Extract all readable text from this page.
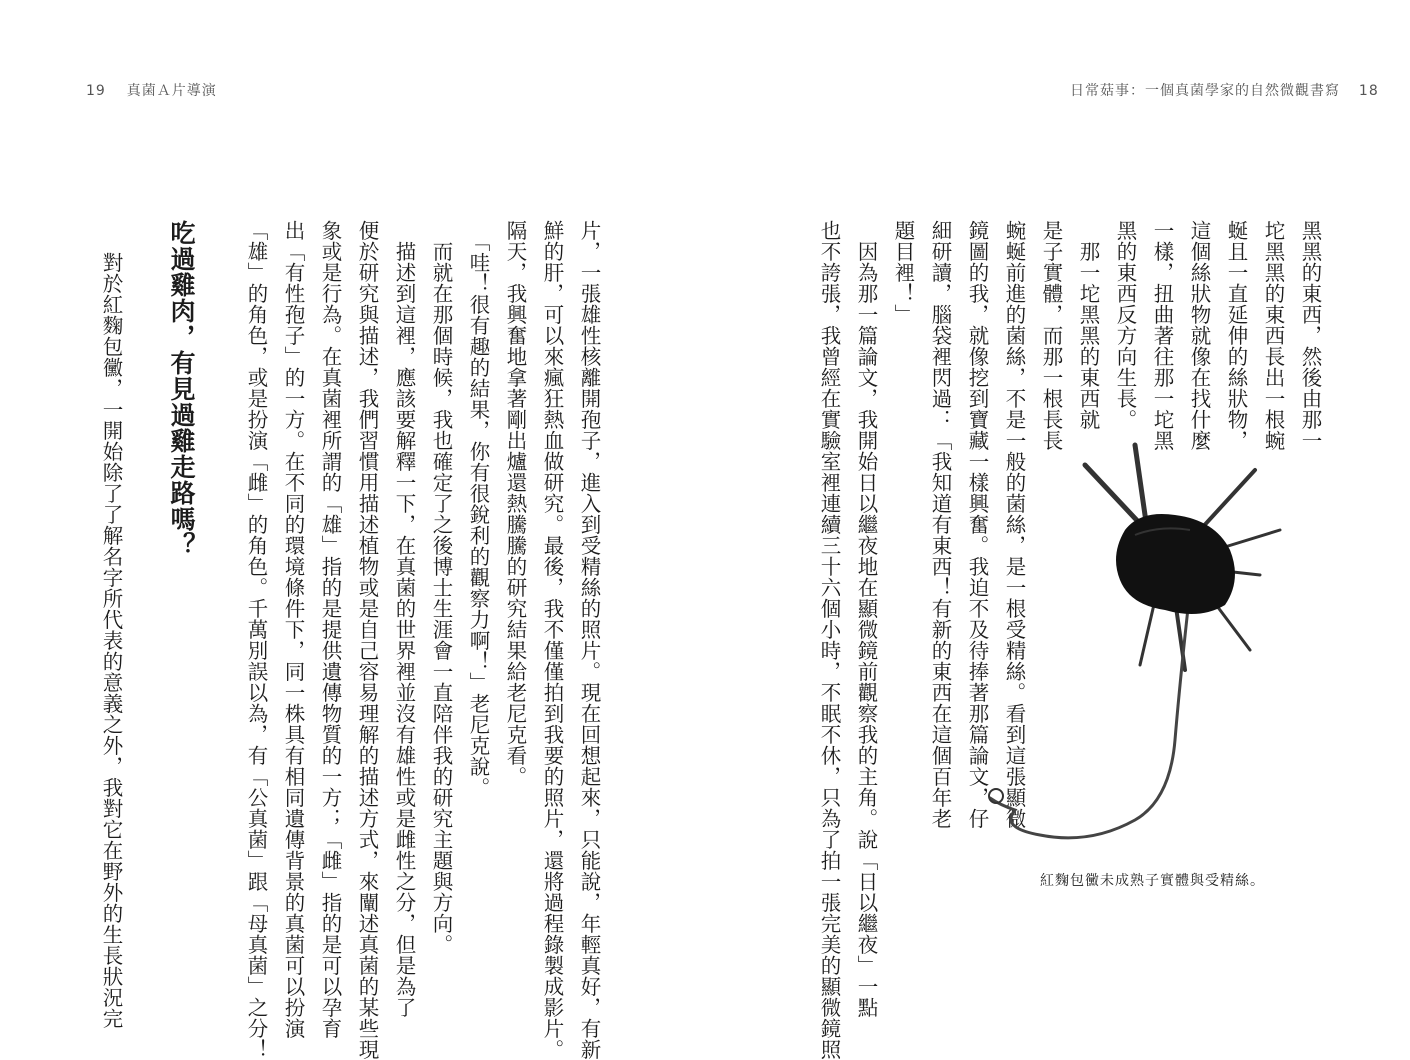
19 真菌Ａ片導演	日常菇事：一個真菌學家的自然微觀書寫 18
黑黑的東西，然後由那一
坨黑黑的東西長出一根蜿
蜒且一直延伸的絲狀物，
這個絲狀物就像在找什麼
一樣，扭曲著往那一坨黑
黑的東西反方向生長。
　那一坨黑黑的東西就
是子實體，而那一根長長
蜿蜒前進的菌絲，不是一般的菌絲，是一根受精絲。看到這張顯微
鏡圖的我，就像挖到寶藏一樣興奮。我迫不及待捧著那篇論文，仔
細研讀，腦袋裡閃過：「我知道有東西！有新的東西在這個百年老
題目裡！」
　因為那一篇論文，我開始日以繼夜地在顯微鏡前觀察我的主角。說「日以繼夜」一點
也不誇張，我曾經在實驗室裡連續三十六個小時，不眠不休，只為了拍一張完美的顯微鏡照	紅麴包黴未成熟子實體與受精絲。
片，一張雄性核離開孢子，進入到受精絲的照片。現在回想起來，只能說，年輕真好，有新
鮮的肝，可以來瘋狂熱血做研究。最後，我不僅僅拍到我要的照片，還將過程錄製成影片。
隔天，我興奮地拿著剛出爐還熱騰騰的研究結果給老尼克看。
　「哇！很有趣的結果，你有很銳利的觀察力啊！」老尼克說。
　而就在那個時候，我也確定了之後博士生涯會一直陪伴我的研究主題與方向。
　描述到這裡，應該要解釋一下，在真菌的世界裡並沒有雄性或是雌性之分，但是為了
便於研究與描述，我們習慣用描述植物或是自己容易理解的描述方式，來闡述真菌的某些現
象或是行為。在真菌裡所謂的「雄」指的是提供遺傳物質的一方；「雌」指的是可以孕育
出「有性孢子」的一方。在不同的環境條件下，同一株具有相同遺傳背景的真菌可以扮演
「雄」的角色，或是扮演「雌」的角色。千萬別誤以為，有「公真菌」跟「母真菌」之分！
吃過雞肉，有見過雞走路嗎？
對於紅麴包黴，一開始除了了解名字所代表的意義之外，我對它在野外的生長狀況完
